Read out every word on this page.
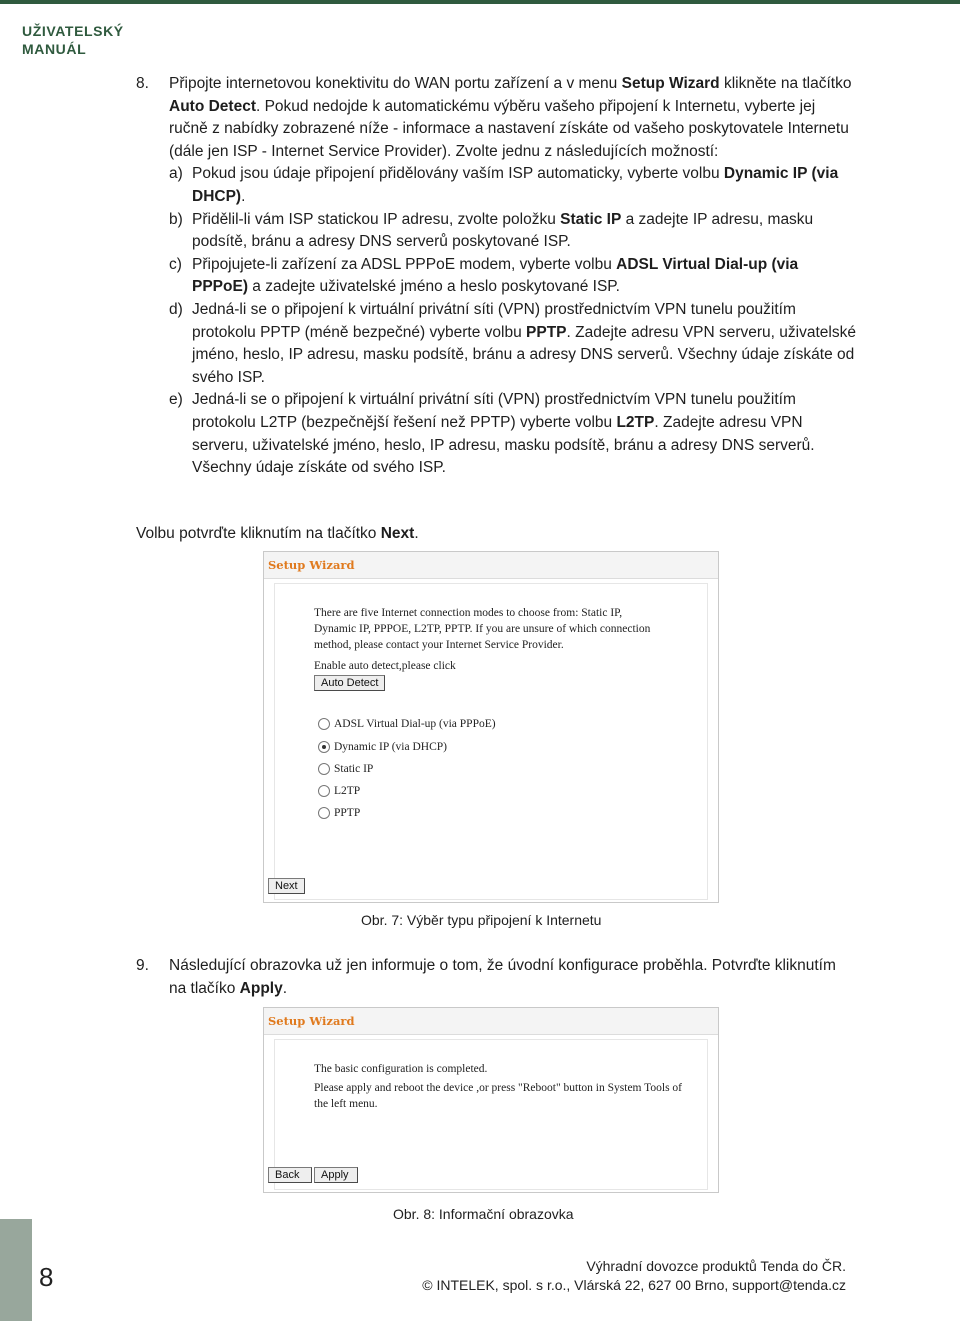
UŽIVATELSKÝ
MANUÁL
8. Připojte internetovou konektivitu do WAN portu zařízení a v menu Setup Wizard klikněte na tlačítko Auto Detect. Pokud nedojde k automatickému výběru vašeho připojení k Internetu, vyberte jej ručně z nabídky zobrazené níže - informace a nastavení získáte od vašeho poskytovatele Internetu (dále jen ISP - Internet Service Provider). Zvolte jednu z následujících možností:
a) Pokud jsou údaje připojení přidělovány vaším ISP automaticky, vyberte volbu Dynamic IP (via DHCP).
b) Přidělil-li vám ISP statickou IP adresu, zvolte položku Static IP a zadejte IP adresu, masku podsítě, bránu a adresy DNS serverů poskytované ISP.
c) Připojujete-li zařízení za ADSL PPPoE modem, vyberte volbu ADSL Virtual Dial-up (via PPPoE) a zadejte uživatelské jméno a heslo poskytované ISP.
d) Jedná-li se o připojení k virtuální privátní síti (VPN) prostřednictvím VPN tunelu použitím protokolu PPTP (méně bezpečné) vyberte volbu PPTP. Zadejte adresu VPN serveru, uživatelské jméno, heslo, IP adresu, masku podsítě, bránu a adresy DNS serverů. Všechny údaje získáte od svého ISP.
e) Jedná-li se o připojení k virtuální privátní síti (VPN) prostřednictvím VPN tunelu použitím protokolu L2TP (bezpečnější řešení než PPTP) vyberte volbu L2TP. Zadejte adresu VPN serveru, uživatelské jméno, heslo, IP adresu, masku podsítě, bránu a adresy DNS serverů. Všechny údaje získáte od svého ISP.
Volbu potvrďte kliknutím na tlačítko Next.
Setup Wizard
There are five Internet connection modes to choose from: Static IP, Dynamic IP, PPPOE, L2TP, PPTP. If you are unsure of which connection method, please contact your Internet Service Provider.
Enable auto detect,please click
Auto Detect
ADSL Virtual Dial-up (via PPPoE)
Dynamic IP (via DHCP)
Static IP
L2TP
PPTP
Next
Obr. 7: Výběr typu připojení k Internetu
9. Následující obrazovka už jen informuje o tom, že úvodní konfigurace proběhla. Potvrďte kliknutím na tlačíko Apply.
Setup Wizard
The basic configuration is completed.
Please apply and reboot the device ,or press "Reboot" button in System Tools of the left menu.
Back	Apply
Obr. 8: Informační obrazovka
8	Výhradní dovozce produktů Tenda do ČR.
© INTELEK, spol. s r.o., Vlárská 22, 627 00 Brno, support@tenda.cz
